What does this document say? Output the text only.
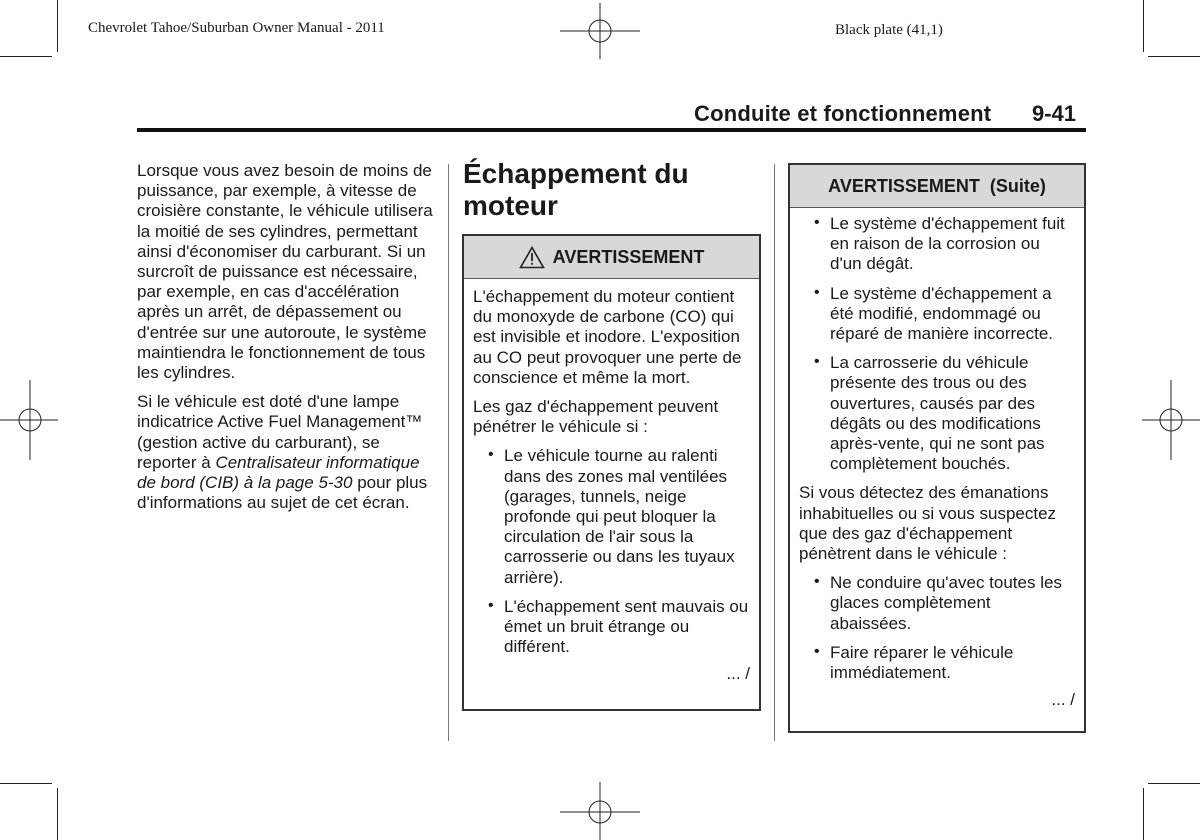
Chevrolet Tahoe/Suburban Owner Manual - 2011	Black plate (41,1)
Conduite et fonctionnement 9-41

Lorsque vous avez besoin de moins de puissance, par exemple, à vitesse de croisière constante, le véhicule utilisera la moitié de ses cylindres, permettant ainsi d'économiser du carburant. Si un surcroît de puissance est nécessaire, par exemple, en cas d'accélération après un arrêt, de dépassement ou d'entrée sur une autoroute, le système maintiendra le fonctionnement de tous les cylindres.

Si le véhicule est doté d'une lampe indicatrice Active Fuel Management™ (gestion active du carburant), se reporter à Centralisateur informatique de bord (CIB) à la page 5-30 pour plus d'informations au sujet de cet écran.

Échappement du moteur
AVERTISSEMENT

L'échappement du moteur contient du monoxyde de carbone (CO) qui est invisible et inodore. L'exposition au CO peut provoquer une perte de conscience et même la mort.

Les gaz d'échappement peuvent pénétrer le véhicule si :

• Le véhicule tourne au ralenti dans des zones mal ventilées (garages, tunnels, neige profonde qui peut bloquer la circulation de l'air sous la carrosserie ou dans les tuyaux arrière).
• L'échappement sent mauvais ou émet un bruit étrange ou différent.
... /
AVERTISSEMENT  (Suite)
• Le système d'échappement fuit en raison de la corrosion ou d'un dégât.
• Le système d'échappement a été modifié, endommagé ou réparé de manière incorrecte.
• La carrosserie du véhicule présente des trous ou des ouvertures, causés par des dégâts ou des modifications après-vente, qui ne sont pas complètement bouchés.

Si vous détectez des émanations inhabituelles ou si vous suspectez que des gaz d'échappement pénètrent dans le véhicule :

• Ne conduire qu'avec toutes les glaces complètement abaissées.
• Faire réparer le véhicule immédiatement.
... /
